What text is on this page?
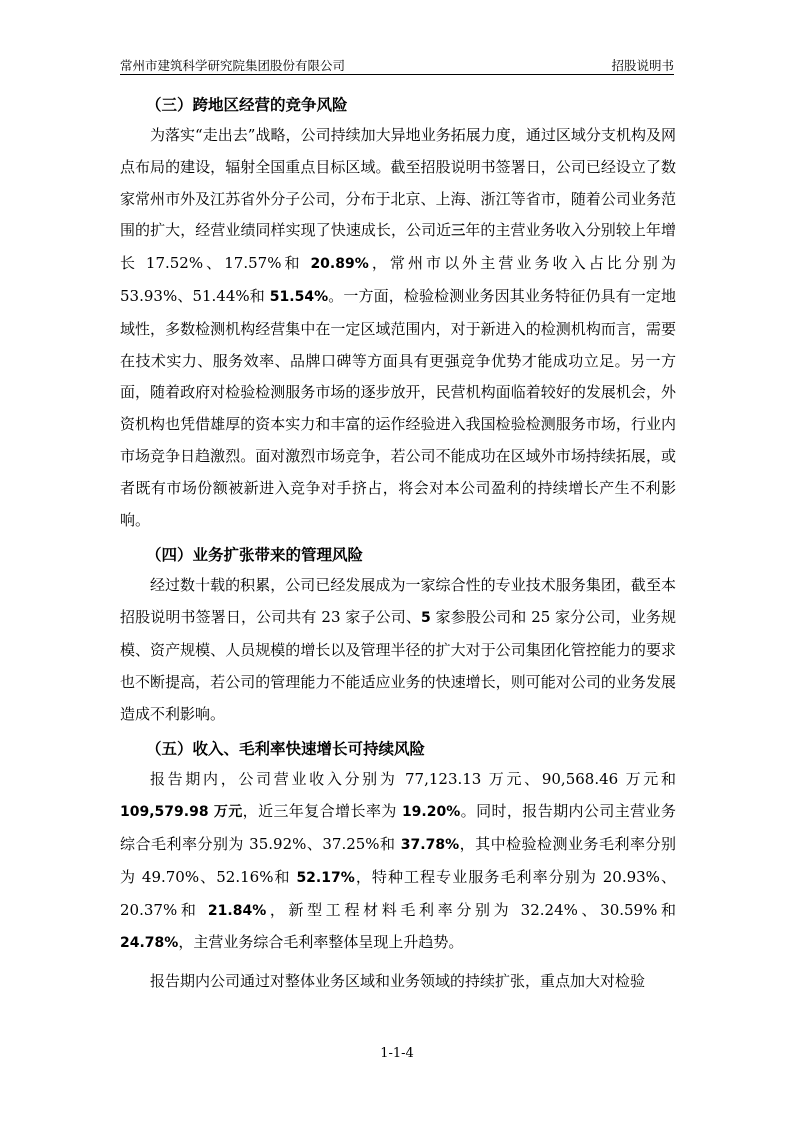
常州市建筑科学研究院集团股份有限公司	招股说明书
（三）跨地区经营的竞争风险

为落实“走出去”战略，公司持续加大异地业务拓展力度，通过区域分支机构及网点布局的建设，辐射全国重点目标区域。截至招股说明书签署日，公司已经设立了数家常州市外及江苏省外分子公司，分布于北京、上海、浙江等省市，随着公司业务范围的扩大，经营业绩同样实现了快速成长，公司近三年的主营业务收入分别较上年增长 17.52%、17.57%和 20.89%，常州市以外主营业务收入占比分别为 53.93%、51.44%和 51.54%。一方面，检验检测业务因其业务特征仍具有一定地域性，多数检测机构经营集中在一定区域范围内，对于新进入的检测机构而言，需要在技术实力、服务效率、品牌口碑等方面具有更强竞争优势才能成功立足。另一方面，随着政府对检验检测服务市场的逐步放开，民营机构面临着较好的发展机会，外资机构也凭借雄厚的资本实力和丰富的运作经验进入我国检验检测服务市场，行业内市场竞争日趋激烈。面对激烈市场竞争，若公司不能成功在区域外市场持续拓展，或者既有市场份额被新进入竞争对手挤占，将会对本公司盈利的持续增长产生不利影响。

（四）业务扩张带来的管理风险

经过数十载的积累，公司已经发展成为一家综合性的专业技术服务集团，截至本招股说明书签署日，公司共有 23 家子公司、5 家参股公司和 25 家分公司，业务规模、资产规模、人员规模的增长以及管理半径的扩大对于公司集团化管控能力的要求也不断提高，若公司的管理能力不能适应业务的快速增长，则可能对公司的业务发展造成不利影响。

（五）收入、毛利率快速增长可持续风险

报告期内，公司营业收入分别为 77,123.13 万元、90,568.46 万元和 109,579.98 万元，近三年复合增长率为 19.20%。同时，报告期内公司主营业务综合毛利率分别为 35.92%、37.25%和 37.78%，其中检验检测业务毛利率分别为 49.70%、52.16%和 52.17%，特种工程专业服务毛利率分别为 20.93%、20.37%和 21.84%，新型工程材料毛利率分别为 32.24%、30.59%和 24.78%，主营业务综合毛利率整体呈现上升趋势。

报告期内公司通过对整体业务区域和业务领域的持续扩张，重点加大对检验

1-1-4
